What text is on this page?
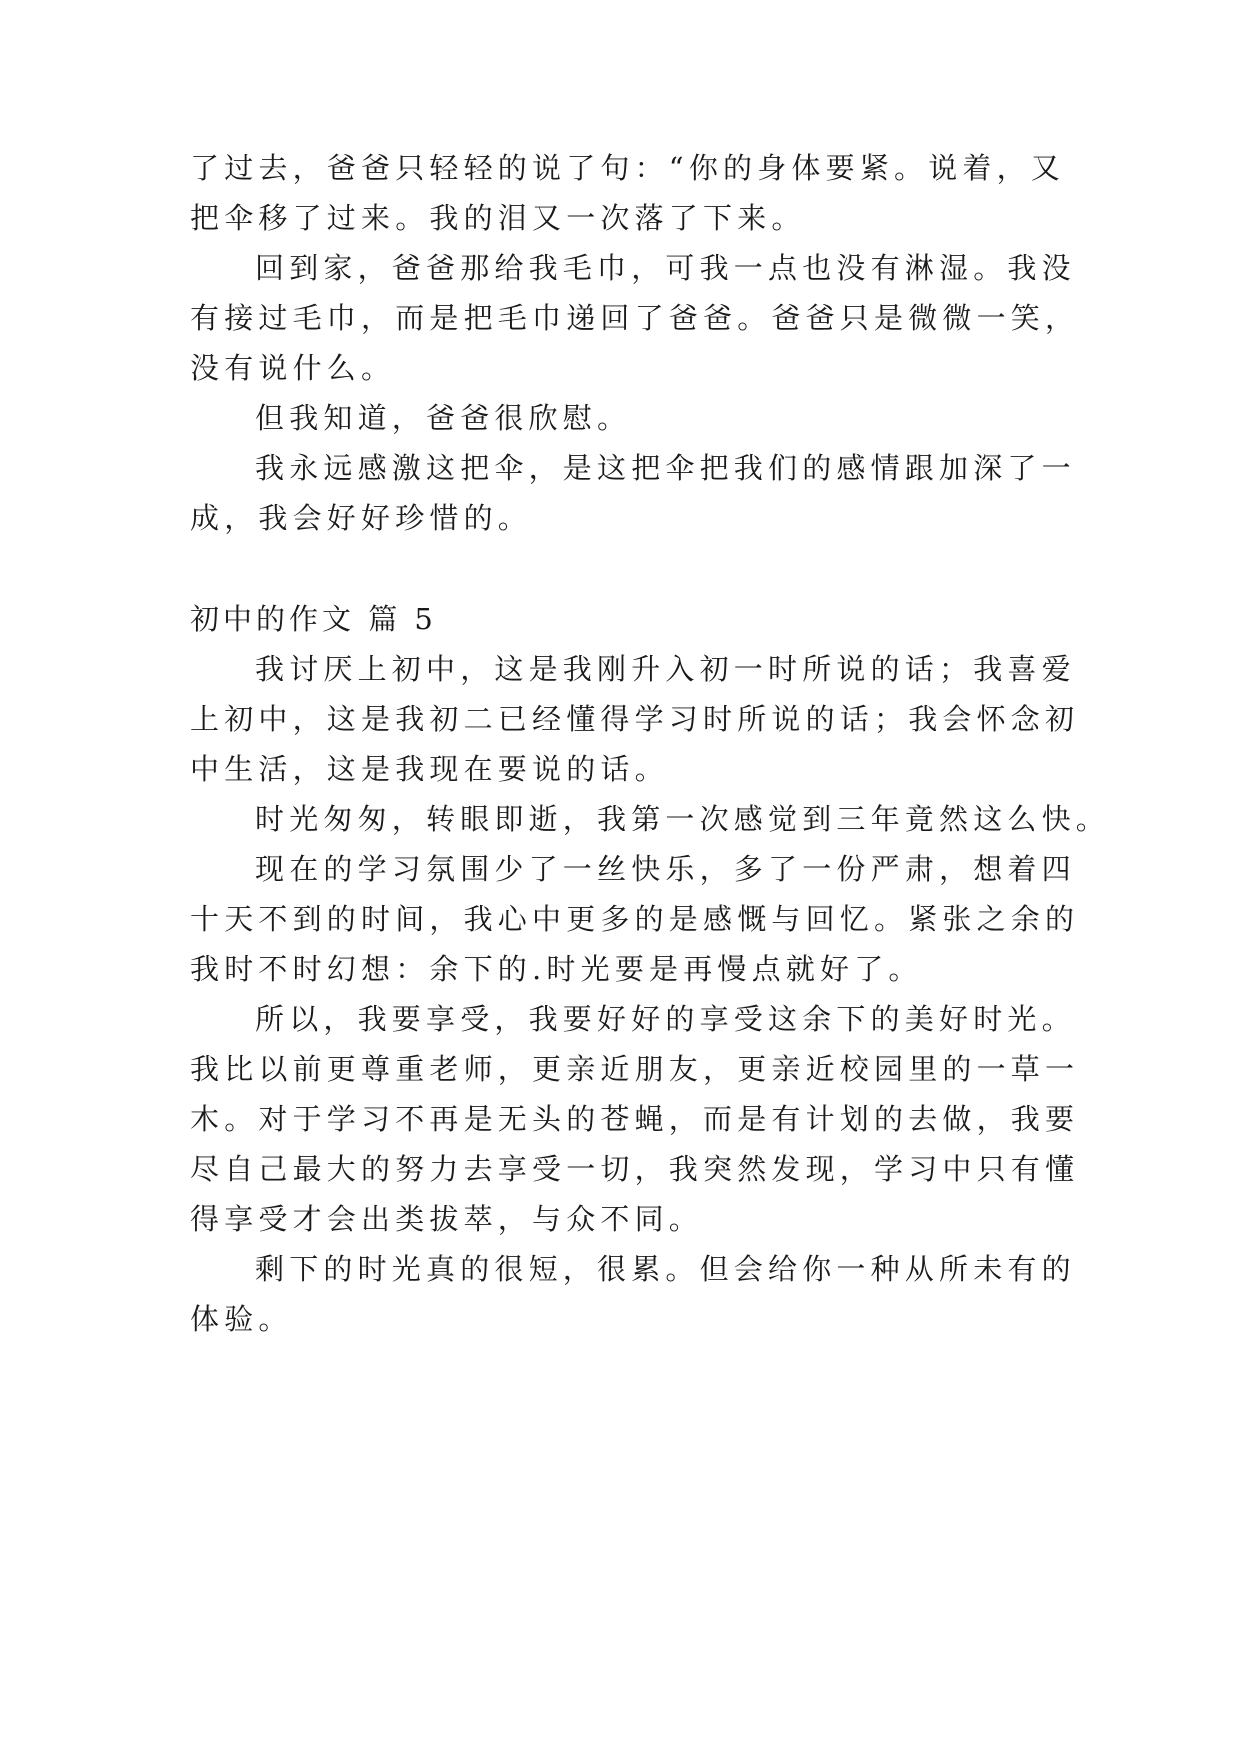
了过去，爸爸只轻轻的说了句：“你的身体要紧。说着，又

把伞移了过来。我的泪又一次落了下来。

回到家，爸爸那给我毛巾，可我一点也没有淋湿。我没

有接过毛巾，而是把毛巾递回了爸爸。爸爸只是微微一笑，

没有说什么。

但我知道，爸爸很欣慰。

我永远感激这把伞，是这把伞把我们的感情跟加深了一

成，我会好好珍惜的。

初中的作文 篇 5

我讨厌上初中，这是我刚升入初一时所说的话；我喜爱

上初中，这是我初二已经懂得学习时所说的话；我会怀念初

中生活，这是我现在要说的话。

时光匆匆，转眼即逝，我第一次感觉到三年竟然这么快。

现在的学习氛围少了一丝快乐，多了一份严肃，想着四

十天不到的时间，我心中更多的是感慨与回忆。紧张之余的

我时不时幻想：余下的.时光要是再慢点就好了。

所以，我要享受，我要好好的享受这余下的美好时光。

我比以前更尊重老师，更亲近朋友，更亲近校园里的一草一

木。对于学习不再是无头的苍蝇，而是有计划的去做，我要

尽自己最大的努力去享受一切，我突然发现，学习中只有懂

得享受才会出类拔萃，与众不同。

剩下的时光真的很短，很累。但会给你一种从所未有的

体验。
